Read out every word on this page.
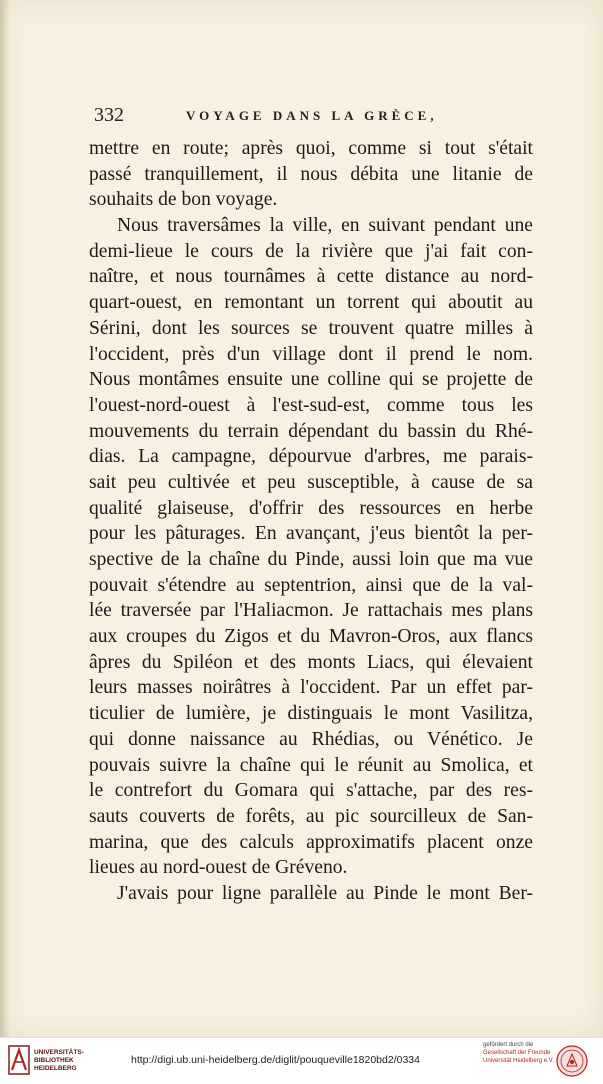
332	VOYAGE DANS LA GRÈCE,
mettre en route; après quoi, comme si tout s'était
passé tranquillement, il nous débita une litanie de
souhaits de bon voyage.
Nous traversâmes la ville, en suivant pendant une
demi-lieue le cours de la rivière que j'ai fait con-
naître, et nous tournâmes à cette distance au nord-
quart-ouest, en remontant un torrent qui aboutit au
Sérini, dont les sources se trouvent quatre milles à
l'occident, près d'un village dont il prend le nom.
Nous montâmes ensuite une colline qui se projette de
l'ouest-nord-ouest à l'est-sud-est, comme tous les
mouvements du terrain dépendant du bassin du Rhé-
dias. La campagne, dépourvue d'arbres, me parais-
sait peu cultivée et peu susceptible, à cause de sa
qualité glaiseuse, d'offrir des ressources en herbe
pour les pâturages. En avançant, j'eus bientôt la per-
spective de la chaîne du Pinde, aussi loin que ma vue
pouvait s'étendre au septentrion, ainsi que de la val-
lée traversée par l'Haliacmon. Je rattachais mes plans
aux croupes du Zigos et du Mavron-Oros, aux flancs
âpres du Spiléon et des monts Liacs, qui élevaient
leurs masses noirâtres à l'occident. Par un effet par-
ticulier de lumière, je distinguais le mont Vasilitza,
qui donne naissance au Rhédias, ou Vénético. Je
pouvais suivre la chaîne qui le réunit au Smolica, et
le contrefort du Gomara qui s'attache, par des res-
sauts couverts de forêts, au pic sourcilleux de San-
marina, que des calculs approximatifs placent onze
lieues au nord-ouest de Gréveno.
J'avais pour ligne parallèle au Pinde le mont Ber-
UNIVERSITÄTS-
BIBLIOTHEK
HEIDELBERG
http://digi.ub.uni-heidelberg.de/diglit/pouqueville1820bd2/0334
gefördert durch die
Gesellschaft der Freunde
Universität Heidelberg e.V.
